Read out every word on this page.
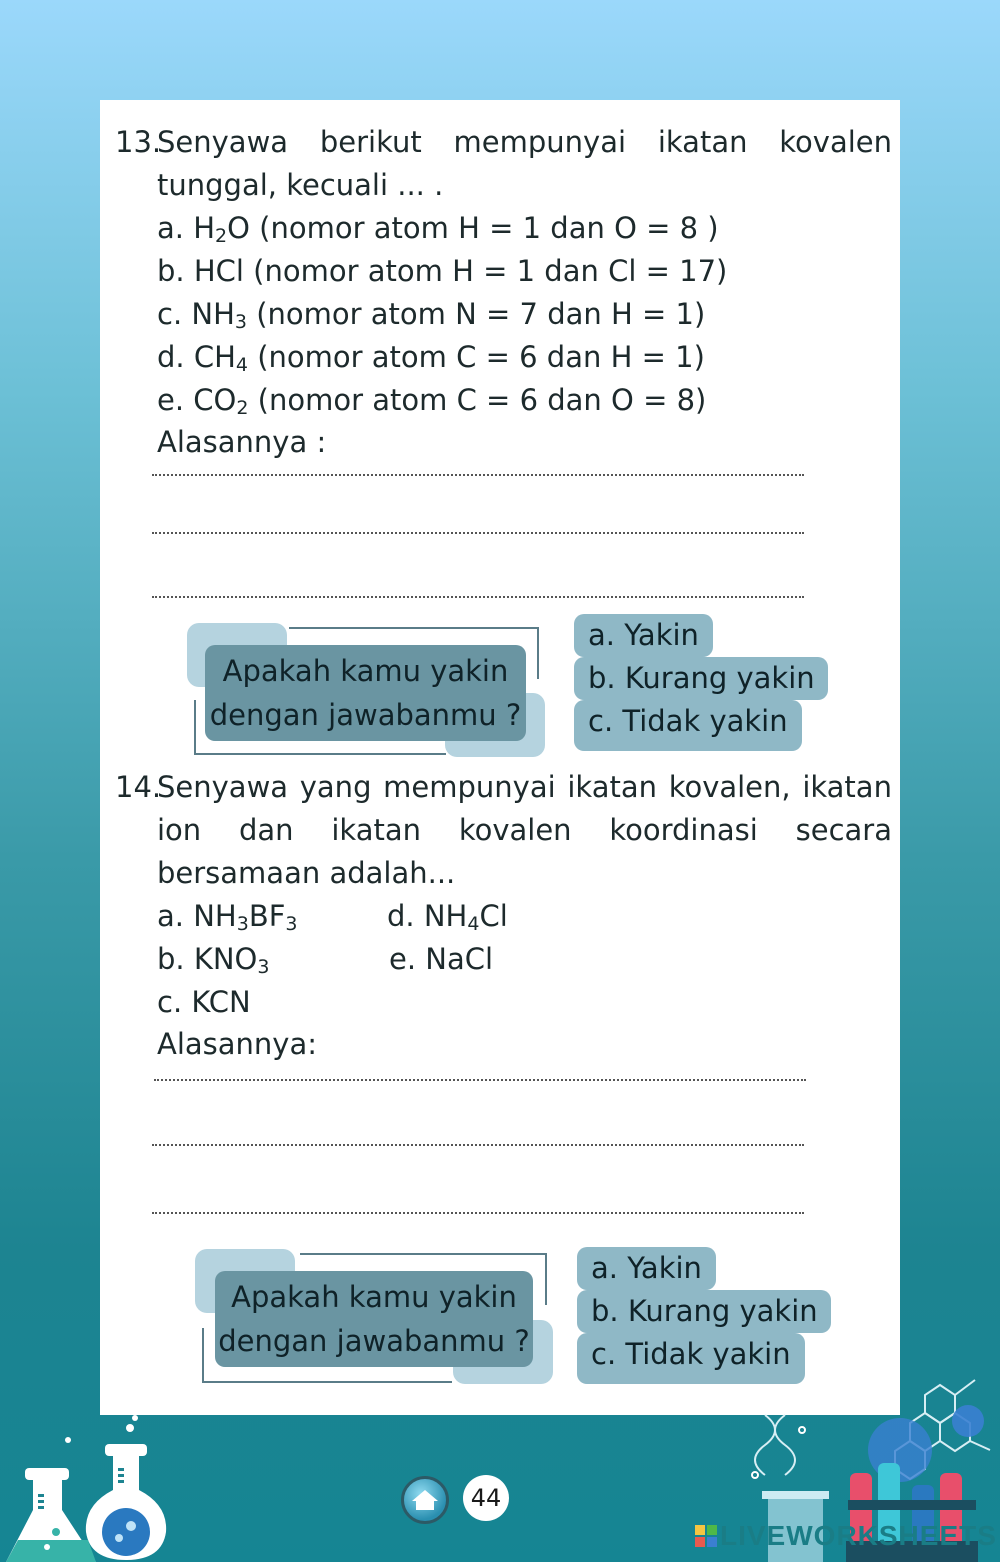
13.
Senyawa berikut mempunyai ikatan kovalen
tunggal, kecuali ... .
a. $H_2O$ (nomor atom H = 1 dan O = 8 )
b. HCl (nomor atom H = 1 dan Cl = 17)
c. $NH_3$ (nomor atom N = 7 dan H = 1)
d. $CH_4$ (nomor atom C = 6 dan H = 1)
e. $CO_2$ (nomor atom C = 6 dan O = 8)
Alasannya :
Apakah kamu yakin
dengan jawabanmu ?
a. Yakin
b. Kurang yakin
c. Tidak yakin
14.
Senyawa yang mempunyai ikatan kovalen, ikatan
ion dan ikatan kovalen koordinasi secara
bersamaan adalah...
a. $NH_3BF_3$	d. $NH_4Cl$
b. $KNO_3$	e. NaCl
c. KCN
Alasannya:
Apakah kamu yakin
dengan jawabanmu ?
a. Yakin
b. Kurang yakin
c. Tidak yakin
44
LIVEWORKSHEETS
